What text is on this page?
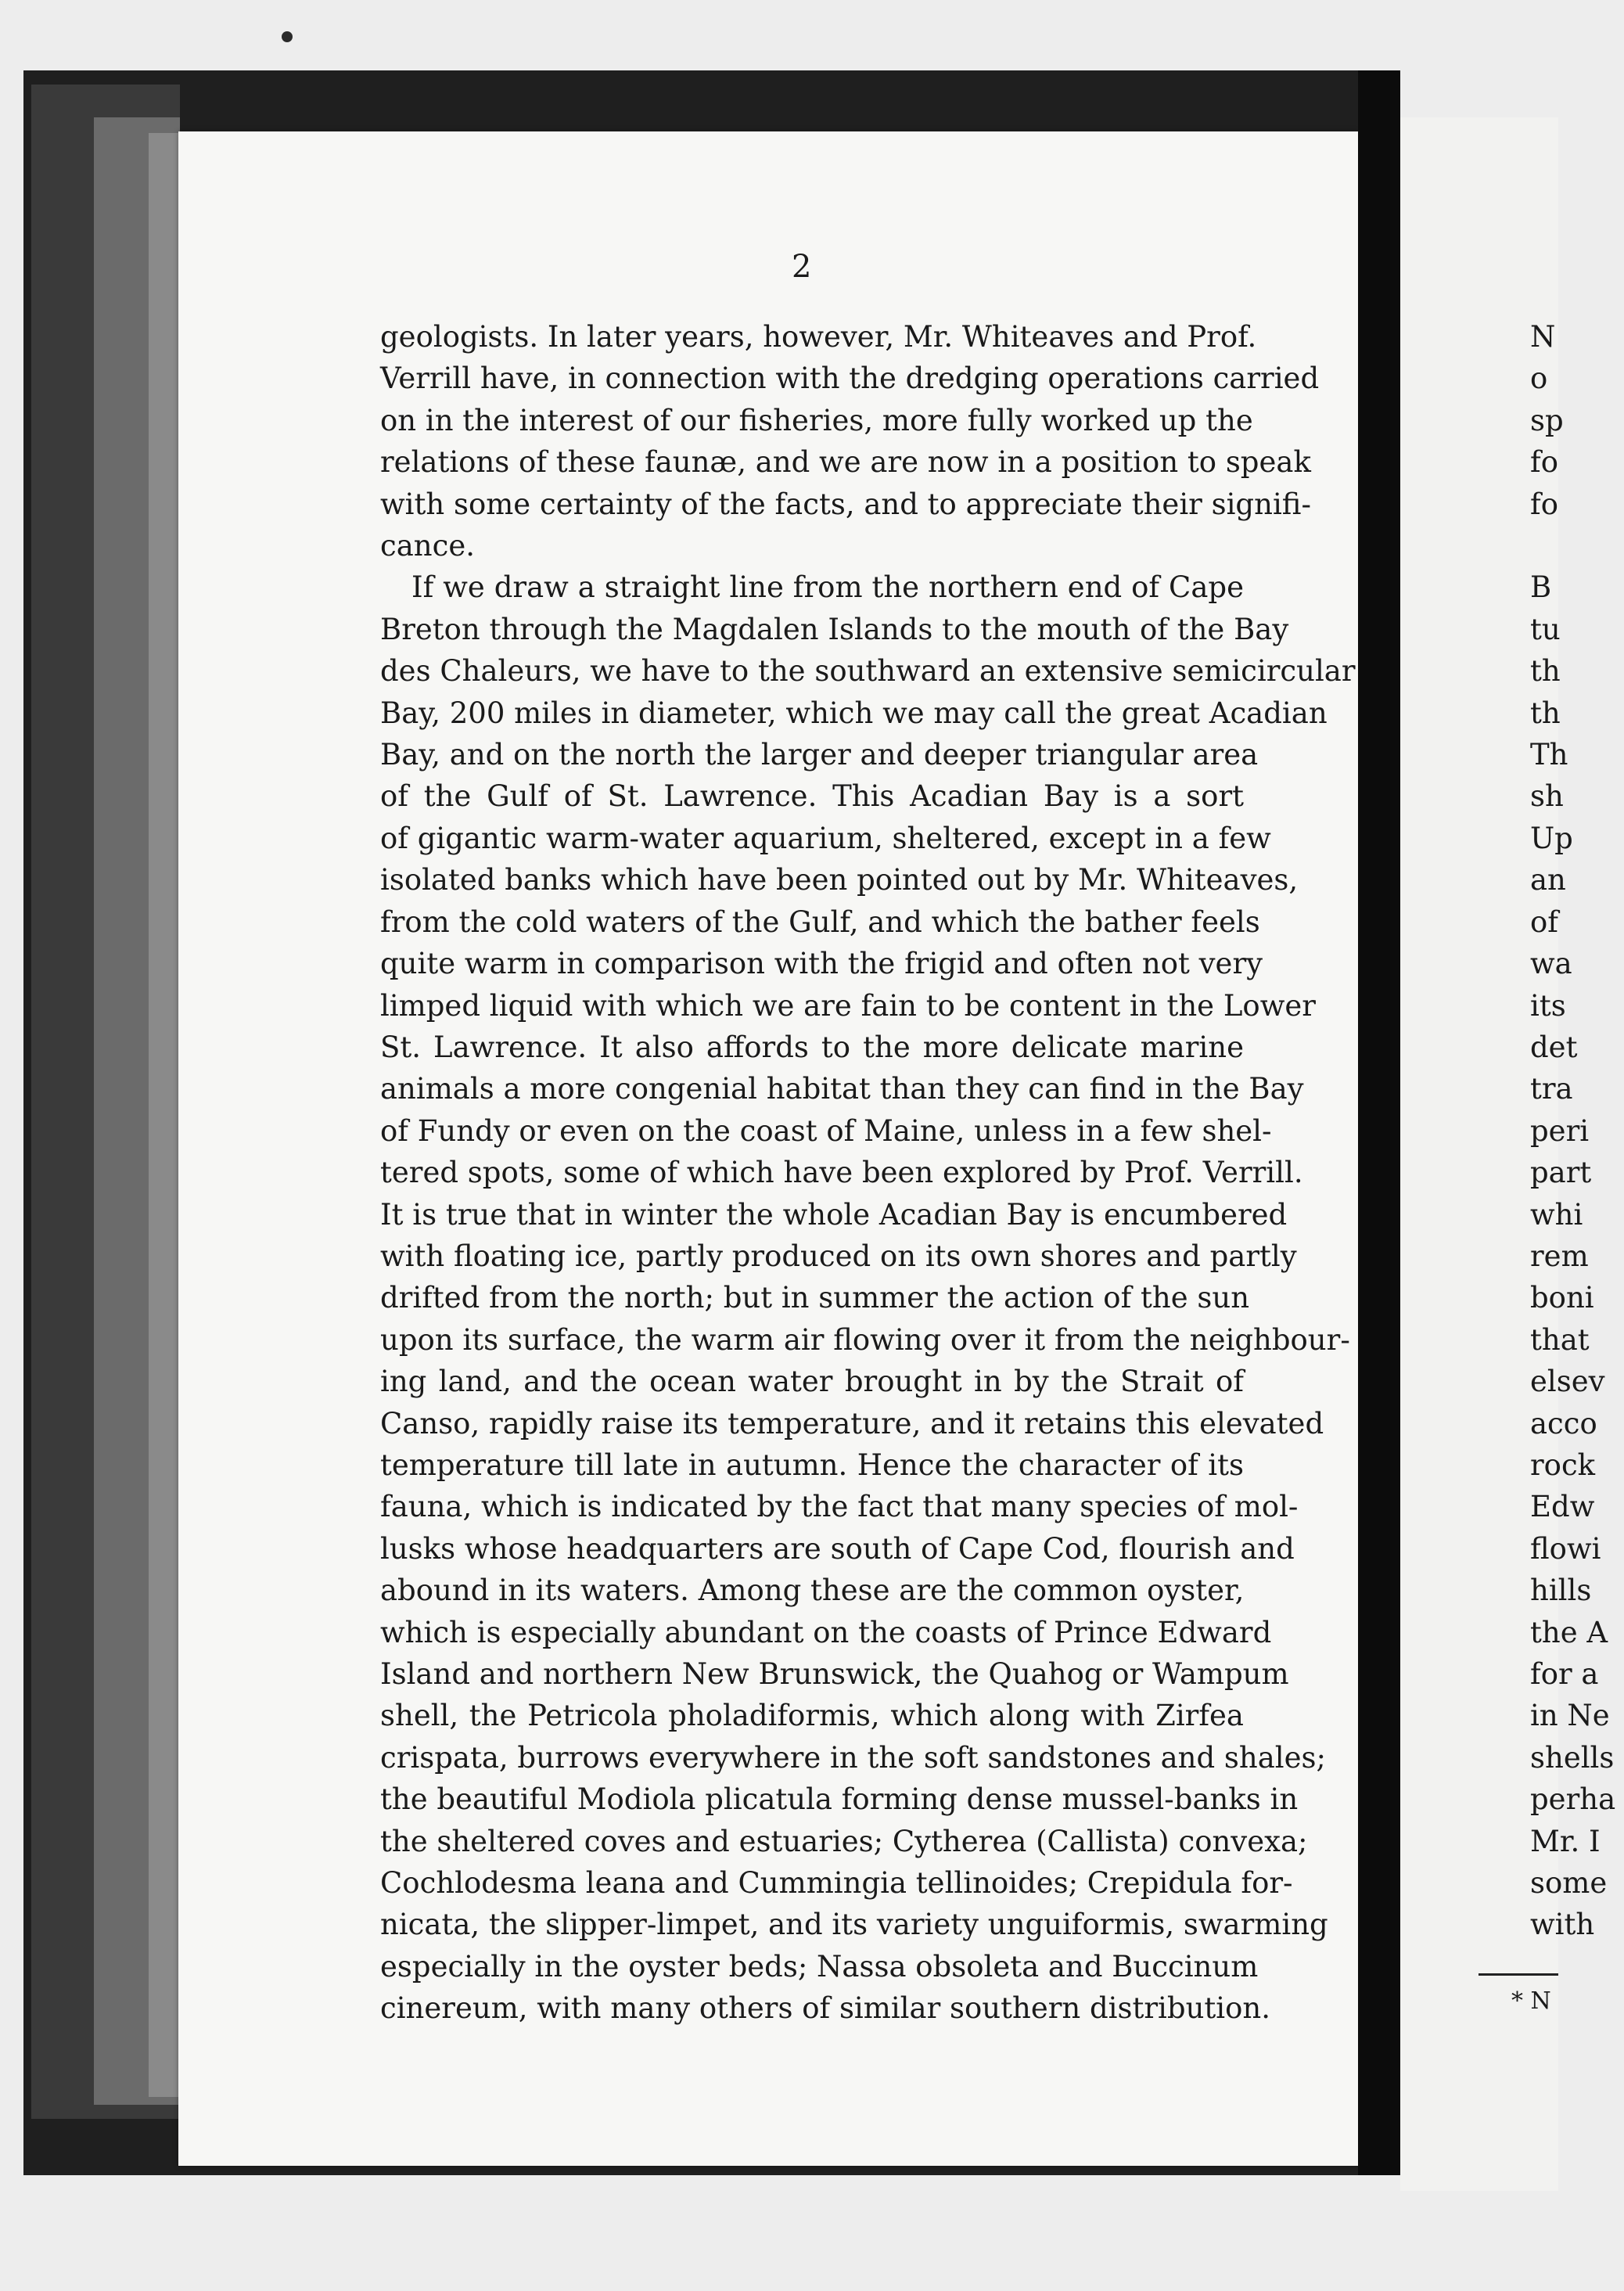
2
geologists. In later years, however, Mr. Whiteaves and Prof.
Verrill have, in connection with the dredging operations carried
on in the interest of our fisheries, more fully worked up the
relations of these faunæ, and we are now in a position to speak
with some certainty of the facts, and to appreciate their signifi-
cance.
If we draw a straight line from the northern end of Cape
Breton through the Magdalen Islands to the mouth of the Bay
des Chaleurs, we have to the southward an extensive semicircular
Bay, 200 miles in diameter, which we may call the great Acadian
Bay, and on the north the larger and deeper triangular area
of the Gulf of St. Lawrence. This Acadian Bay is a sort
of gigantic warm-water aquarium, sheltered, except in a few
isolated banks which have been pointed out by Mr. Whiteaves,
from the cold waters of the Gulf, and which the bather feels
quite warm in comparison with the frigid and often not very
limped liquid with which we are fain to be content in the Lower
St. Lawrence. It also affords to the more delicate marine
animals a more congenial habitat than they can find in the Bay
of Fundy or even on the coast of Maine, unless in a few shel-
tered spots, some of which have been explored by Prof. Verrill.
It is true that in winter the whole Acadian Bay is encumbered
with floating ice, partly produced on its own shores and partly
drifted from the north; but in summer the action of the sun
upon its surface, the warm air flowing over it from the neighbour-
ing land, and the ocean water brought in by the Strait of
Canso, rapidly raise its temperature, and it retains this elevated
temperature till late in autumn. Hence the character of its
fauna, which is indicated by the fact that many species of mol-
lusks whose headquarters are south of Cape Cod, flourish and
abound in its waters. Among these are the common oyster,
which is especially abundant on the coasts of Prince Edward
Island and northern New Brunswick, the Quahog or Wampum
shell, the Petricola pholadiformis, which along with Zirfea
crispata, burrows everywhere in the soft sandstones and shales;
the beautiful Modiola plicatula forming dense mussel-banks in
the sheltered coves and estuaries; Cytherea (Callista) convexa;
Cochlodesma leana and Cummingia tellinoides; Crepidula for-
nicata, the slipper-limpet, and its variety unguiformis, swarming
especially in the oyster beds; Nassa obsoleta and Buccinum
cinereum, with many others of similar southern distribution.
N
o
sp
fo
fo

B
tu
th
th
Th
sh
Up
an
of
wa
its
det
tra
peri
part
whi
rem
boni
that
elsev
acco
rock
Edw
flowi
hills
the A
for a
in Ne
shells
perha
Mr. I
some
with
* N
